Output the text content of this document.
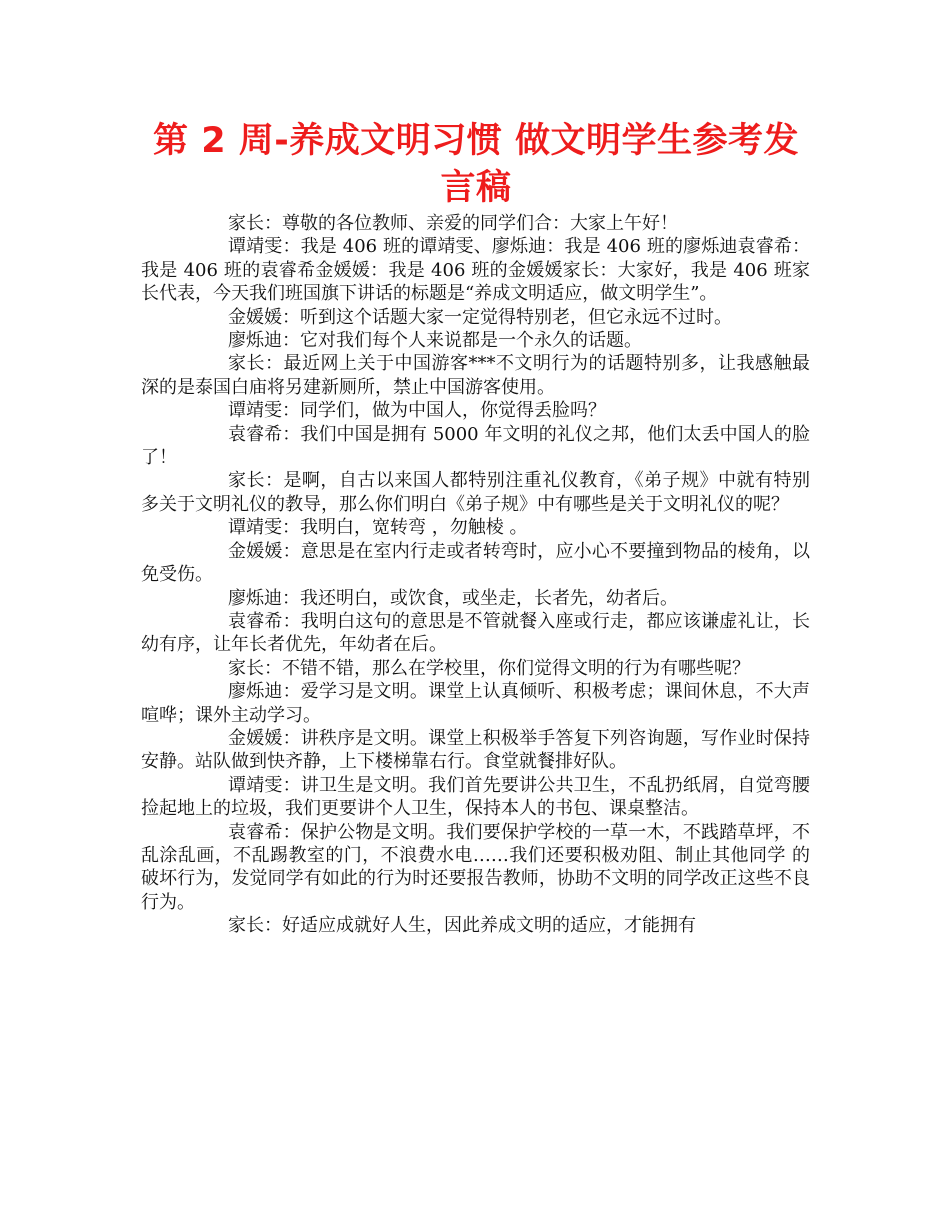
第 2 周-养成文明习惯 做文明学生参考发言稿

家长：尊敬的各位教师、亲爱的同学们合：大家上午好！

谭靖雯：我是 406 班的谭靖雯、廖烁迪：我是 406 班的廖烁迪袁睿希：我是 406 班的袁睿希金媛媛：我是 406 班的金媛媛家长：大家好，我是 406 班家长代表，今天我们班国旗下讲话的标题是“养成文明适应，做文明学生”。

金媛媛：听到这个话题大家一定觉得特别老，但它永远不过时。

廖烁迪：它对我们每个人来说都是一个永久的话题。

家长：最近网上关于中国游客***不文明行为的话题特别多，让我感触最深的是泰国白庙将另建新厕所，禁止中国游客使用。

谭靖雯：同学们，做为中国人，你觉得丢脸吗？

袁睿希：我们中国是拥有 5000 年文明的礼仪之邦，他们太丢中国人的脸了！

家长：是啊，自古以来国人都特别注重礼仪教育，《弟子规》中就有特别多关于文明礼仪的教导，那么你们明白《弟子规》中有哪些是关于文明礼仪的呢？

谭靖雯：我明白，宽转弯 ，勿触棱 。

金媛媛：意思是在室内行走或者转弯时，应小心不要撞到物品的棱角，以免受伤。

廖烁迪：我还明白，或饮食，或坐走，长者先，幼者后。

袁睿希：我明白这句的意思是不管就餐入座或行走，都应该谦虚礼让，长幼有序，让年长者优先，年幼者在后。

家长：不错不错，那么在学校里，你们觉得文明的行为有哪些呢？

廖烁迪：爱学习是文明。课堂上认真倾听、积极考虑；课间休息，不大声喧哗；课外主动学习。

金媛媛：讲秩序是文明。课堂上积极举手答复下列咨询题，写作业时保持安静。站队做到快齐静，上下楼梯靠右行。食堂就餐排好队。

谭靖雯：讲卫生是文明。我们首先要讲公共卫生，不乱扔纸屑，自觉弯腰捡起地上的垃圾，我们更要讲个人卫生，保持本人的书包、课桌整洁。

袁睿希：保护公物是文明。我们要保护学校的一草一木，不践踏草坪，不乱涂乱画，不乱踢教室的门，不浪费水电……我们还要积极劝阻、制止其他同学 的破坏行为，发觉同学有如此的行为时还要报告教师，协助不文明的同学改正这些不良行为。

家长：好适应成就好人生，因此养成文明的适应，才能拥有
